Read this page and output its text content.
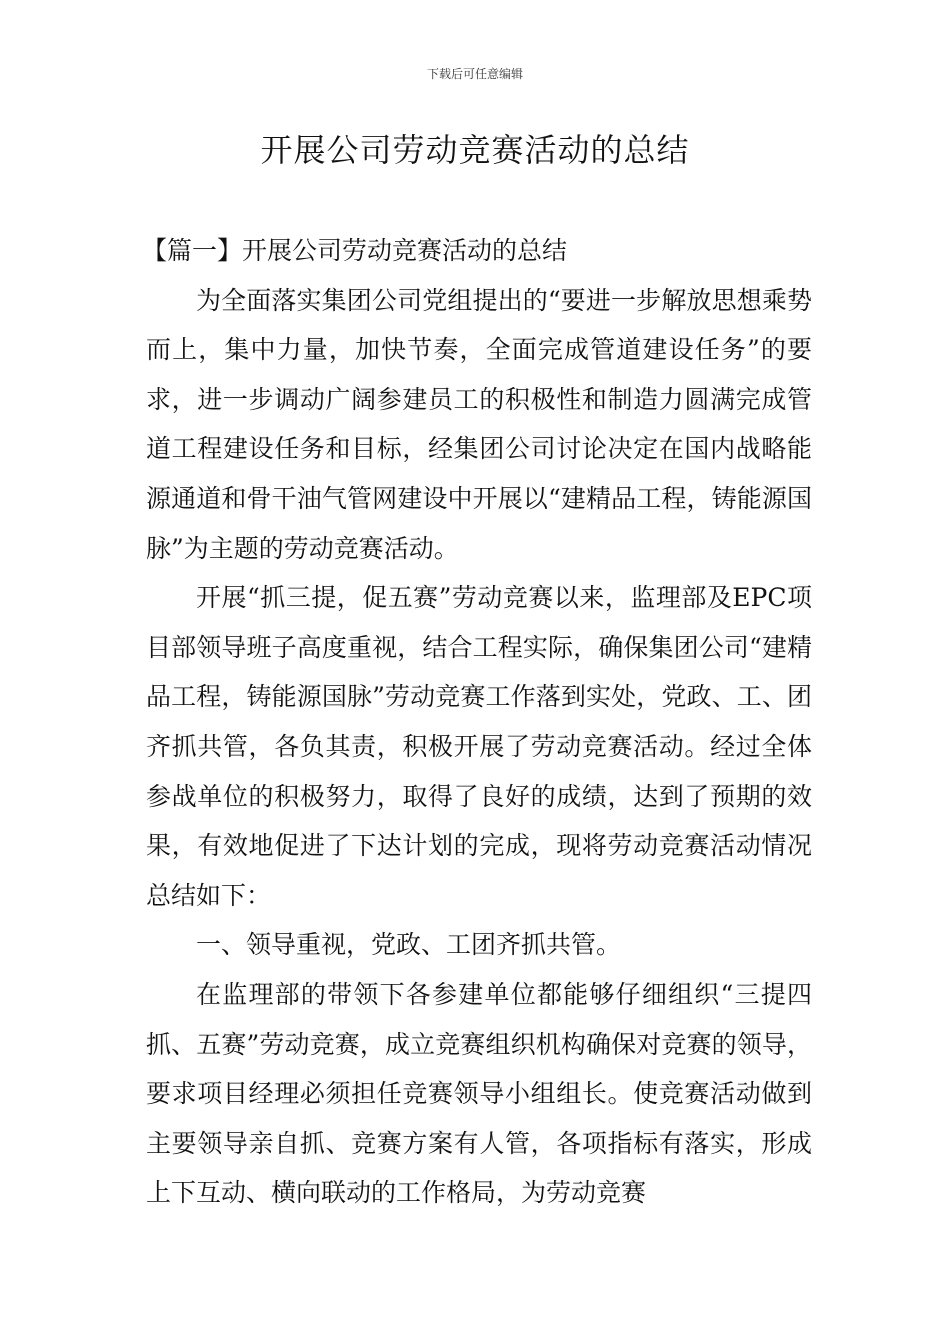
下载后可任意编辑
开展公司劳动竞赛活动的总结

【篇一】开展公司劳动竞赛活动的总结

为全面落实集团公司党组提出的“要进一步解放思想乘势而上，集中力量，加快节奏，全面完成管道建设任务”的要求，进一步调动广阔参建员工的积极性和制造力圆满完成管道工程建设任务和目标，经集团公司讨论决定在国内战略能源通道和骨干油气管网建设中开展以“建精品工程，铸能源国脉”为主题的劳动竞赛活动。

开展“抓三提，促五赛”劳动竞赛以来，监理部及EPC项目部领导班子高度重视，结合工程实际，确保集团公司“建精品工程，铸能源国脉”劳动竞赛工作落到实处，党政、工、团齐抓共管，各负其责，积极开展了劳动竞赛活动。经过全体参战单位的积极努力，取得了良好的成绩，达到了预期的效果，有效地促进了下达计划的完成，现将劳动竞赛活动情况总结如下：

一、领导重视，党政、工团齐抓共管。

在监理部的带领下各参建单位都能够仔细组织“三提四抓、五赛”劳动竞赛，成立竞赛组织机构确保对竞赛的领导，要求项目经理必须担任竞赛领导小组组长。使竞赛活动做到主要领导亲自抓、竞赛方案有人管，各项指标有落实，形成上下互动、横向联动的工作格局，为劳动竞赛
